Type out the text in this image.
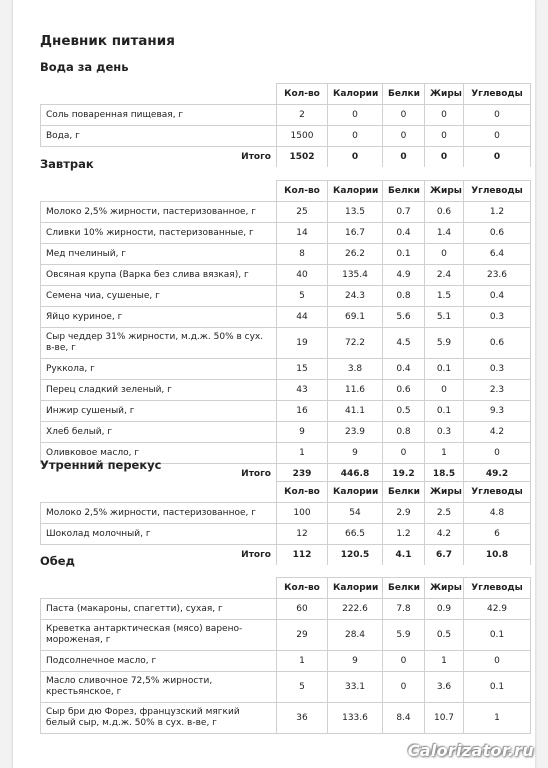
Дневник питания
Вода за день
	Кол-во	Калории	Белки	Жиры	Углеводы
Соль поваренная пищевая, г	2	0	0	0	0
Вода, г	1500	0	0	0	0
Итого	1502	0	0	0	0
Завтрак
	Кол-во	Калории	Белки	Жиры	Углеводы
Молоко 2,5% жирности, пастеризованное, г	25	13.5	0.7	0.6	1.2
Сливки 10% жирности, пастеризованные, г	14	16.7	0.4	1.4	0.6
Мед пчелиный, г	8	26.2	0.1	0	6.4
Овсяная крупа (Варка без слива вязкая), г	40	135.4	4.9	2.4	23.6
Семена чиа, сушеные, г	5	24.3	0.8	1.5	0.4
Яйцо куриное, г	44	69.1	5.6	5.1	0.3
Сыр чеддер 31% жирности, м.д.ж. 50% в сух. в-ве, г	19	72.2	4.5	5.9	0.6
Руккола, г	15	3.8	0.4	0.1	0.3
Перец сладкий зеленый, г	43	11.6	0.6	0	2.3
Инжир сушеный, г	16	41.1	0.5	0.1	9.3
Хлеб белый, г	9	23.9	0.8	0.3	4.2
Оливковое масло, г	1	9	0	1	0
Итого	239	446.8	19.2	18.5	49.2
Утренний перекус
	Кол-во	Калории	Белки	Жиры	Углеводы
Молоко 2,5% жирности, пастеризованное, г	100	54	2.9	2.5	4.8
Шоколад молочный, г	12	66.5	1.2	4.2	6
Итого	112	120.5	4.1	6.7	10.8
Обед
	Кол-во	Калории	Белки	Жиры	Углеводы
Паста (макароны, спагетти), сухая, г	60	222.6	7.8	0.9	42.9
Креветка антарктическая (мясо) варено-мороженая, г	29	28.4	5.9	0.5	0.1
Подсолнечное масло, г	1	9	0	1	0
Масло сливочное 72,5% жирности, крестьянское, г	5	33.1	0	3.6	0.1
Сыр бри дю Форез, французский мягкий белый сыр, м.д.ж. 50% в сух. в-ве, г	36	133.6	8.4	10.7	1
Calorizator.ru
